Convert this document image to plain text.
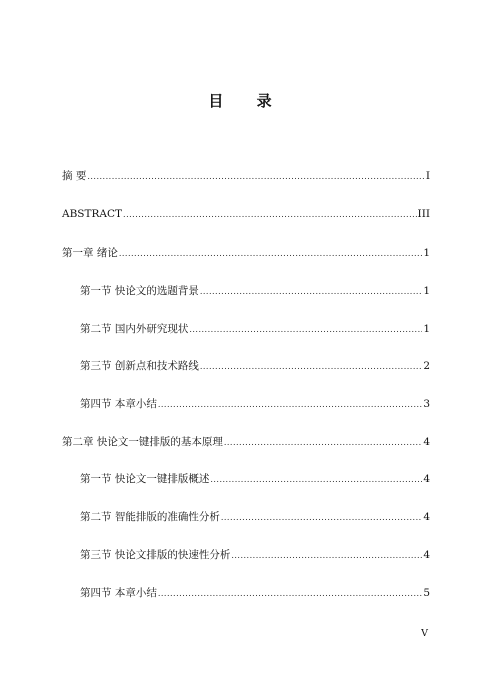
目 录
摘 要 .....	I
ABSTRACT .....	III
第一章 绪论 .....	1
第一节 快论文的选题背景 .....	1
第二节 国内外研究现状 .....	1
第三节 创新点和技术路线 .....	2
第四节 本章小结 .....	3
第二章 快论文一键排版的基本原理 .....	4
第一节 快论文一键排版概述 .....	4
第二节 智能排版的准确性分析 .....	4
第三节 快论文排版的快速性分析 .....	4
第四节 本章小结 .....	5
V
